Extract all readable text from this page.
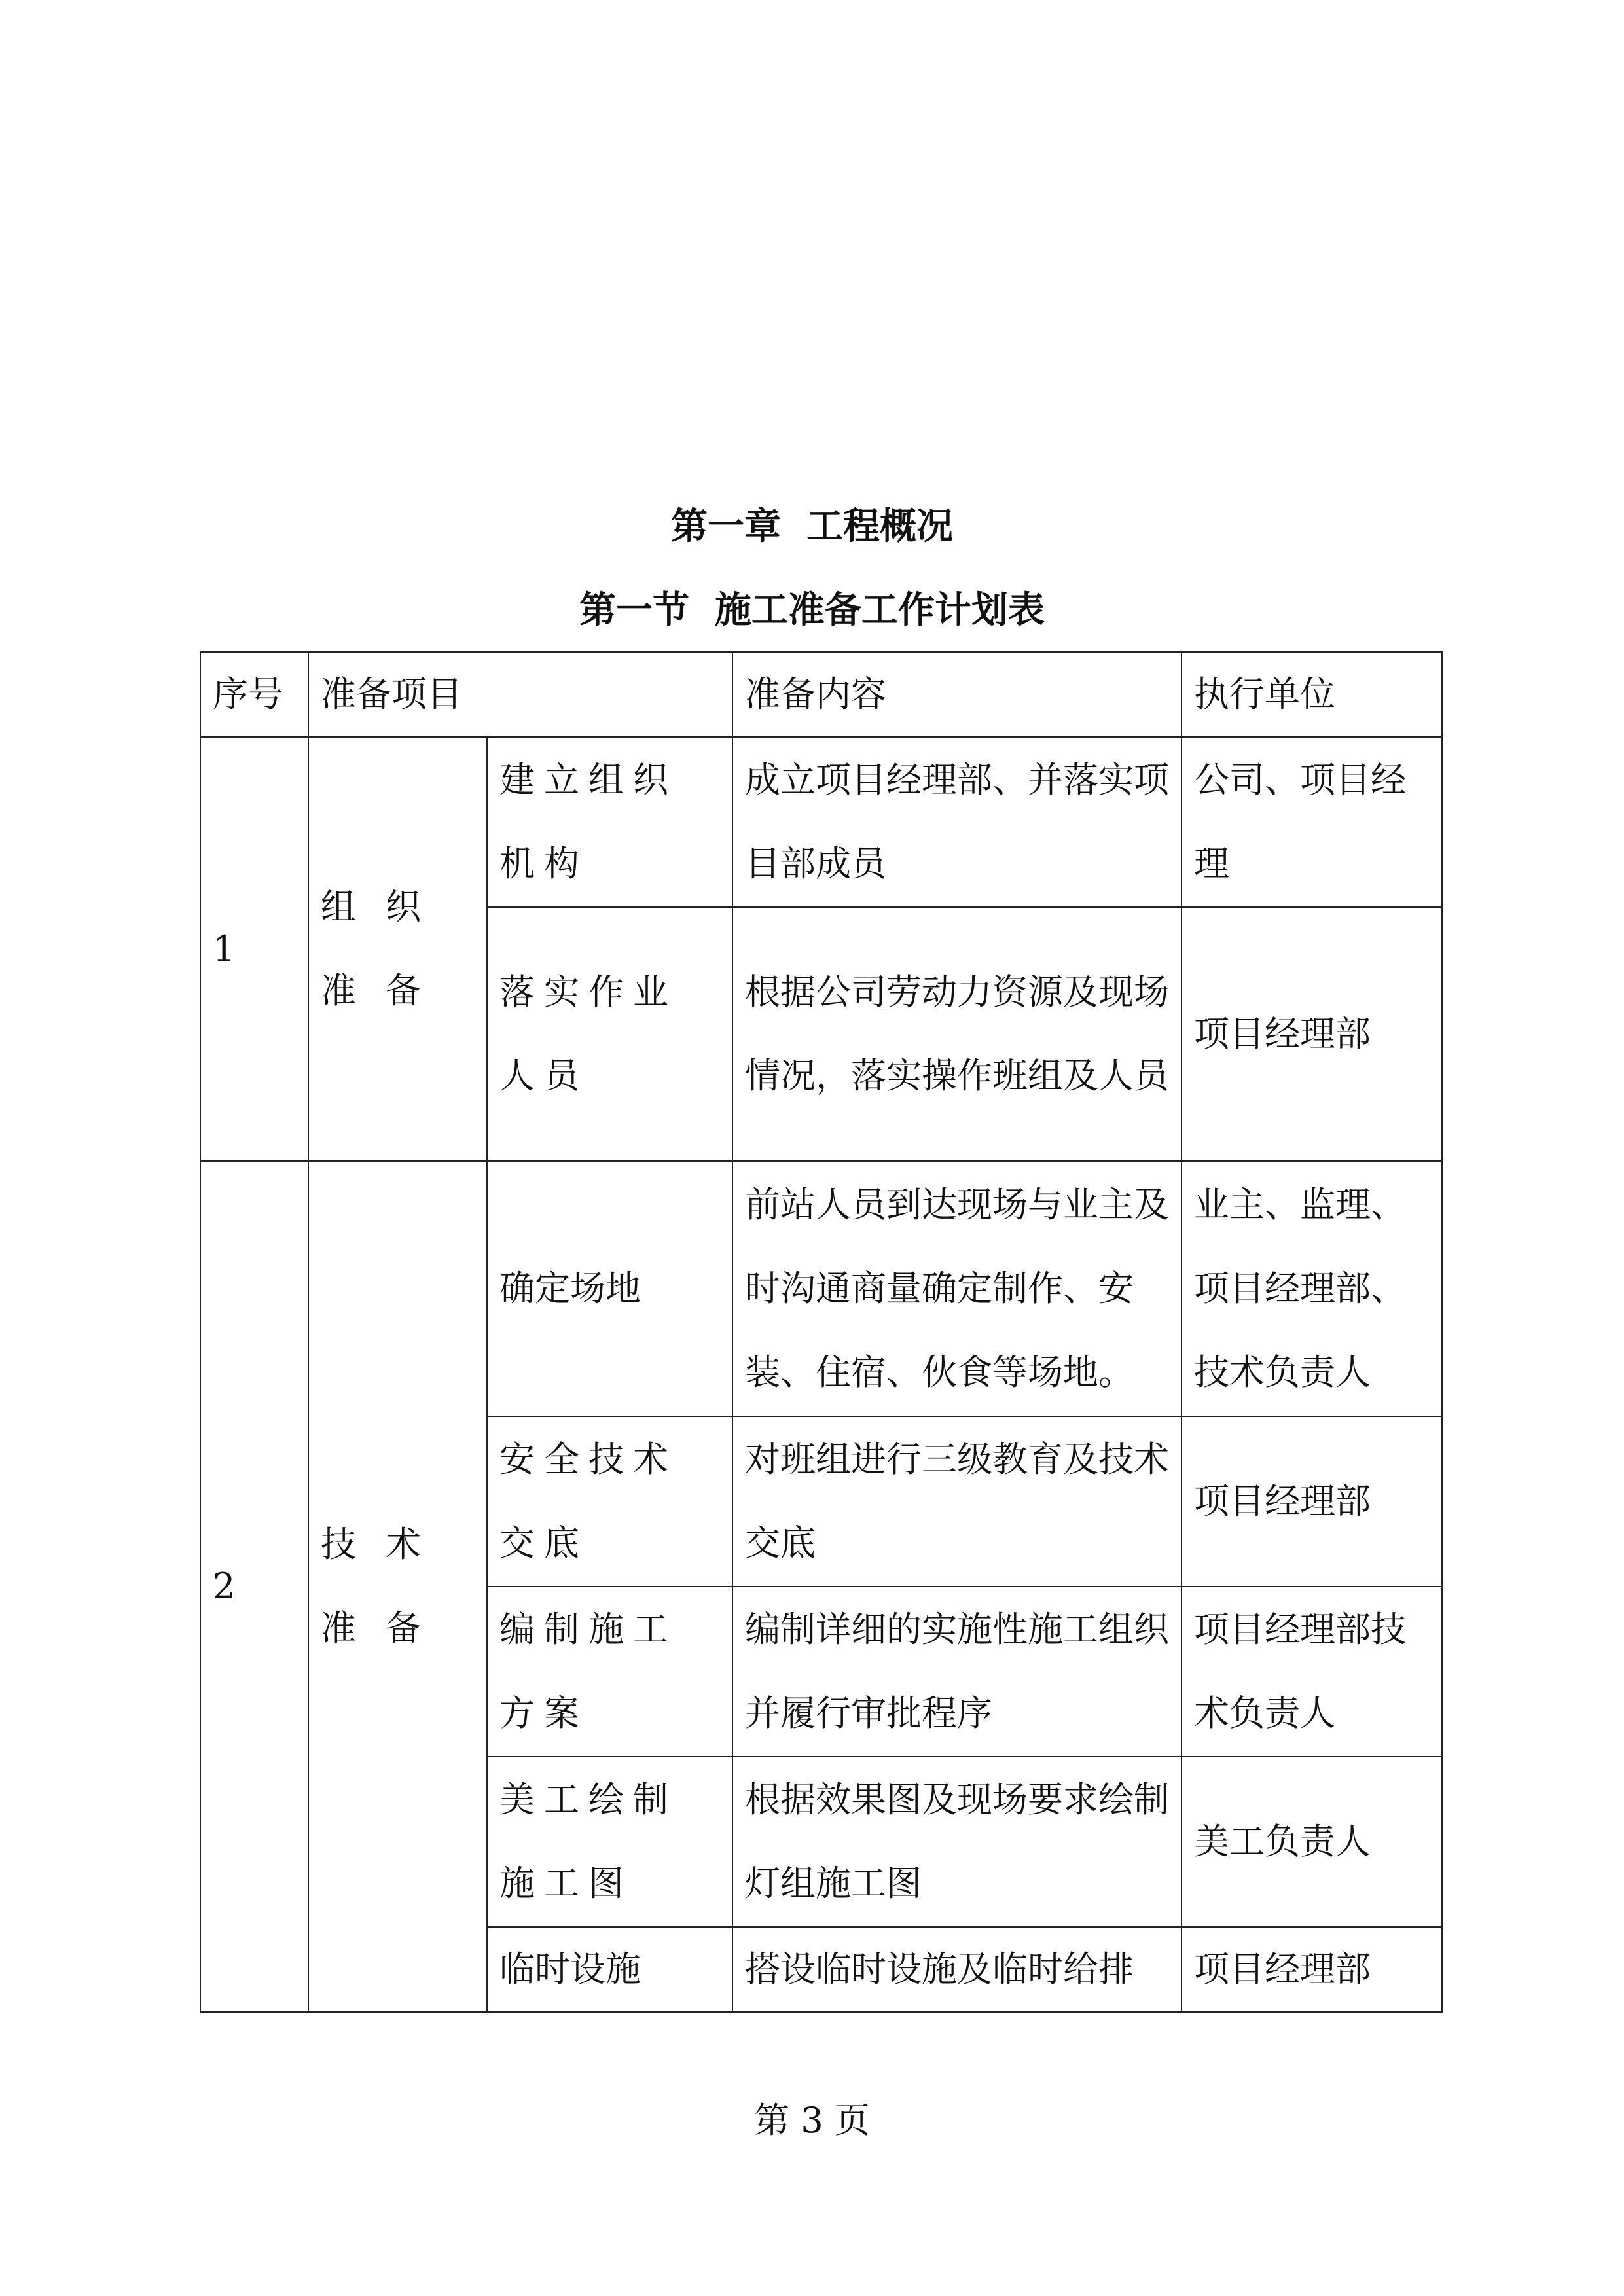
第一章  工程概况
第一节  施工准备工作计划表
序号	准备项目		准备内容	执行单位
1	组 织 准 备	建立组织机构	成立项目经理部、并落实项目部成员	公司、项目经理
		落实作业人员	根据公司劳动力资源及现场情况，落实操作班组及人员	项目经理部
2	技 术 准 备	确定场地	前站人员到达现场与业主及时沟通商量确定制作、安装、住宿、伙食等场地。	业主、监理、项目经理部、技术负责人
		安全技术交底	对班组进行三级教育及技术交底	项目经理部
		编制施工方案	编制详细的实施性施工组织并履行审批程序	项目经理部技术负责人
		美工绘制施工图	根据效果图及现场要求绘制灯组施工图	美工负责人
		临时设施	搭设临时设施及临时给排	项目经理部
第 3 页
